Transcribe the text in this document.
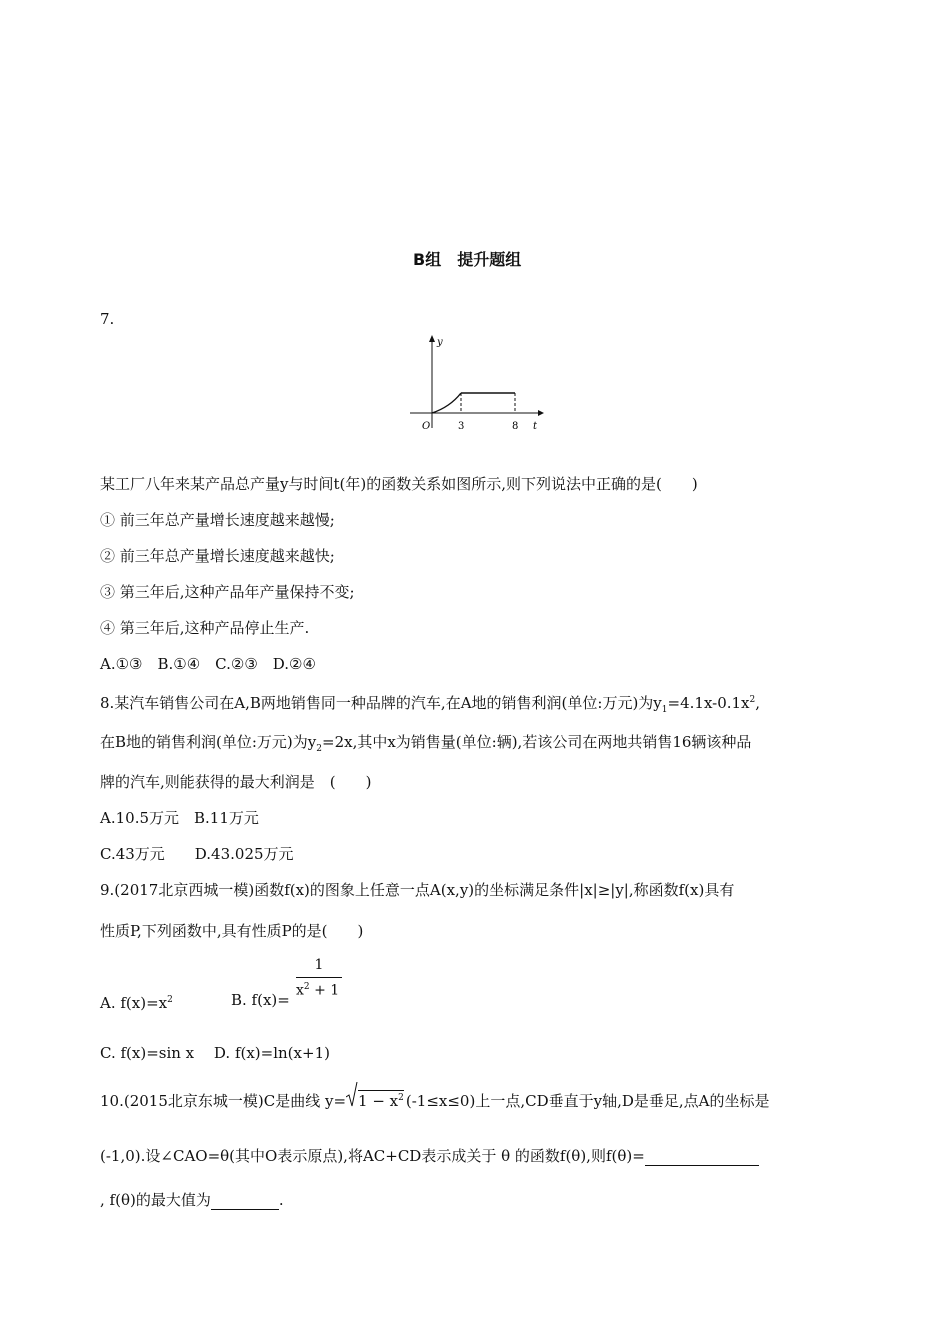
B组　提升题组
7.
y
t
O	3	8
某工厂八年来某产品总产量y与时间t(年)的函数关系如图所示,则下列说法中正确的是(　　)
① 前三年总产量增长速度越来越慢;
② 前三年总产量增长速度越来越快;
③ 第三年后,这种产品年产量保持不变;
④ 第三年后,这种产品停止生产.
A.①③　B.①④　C.②③　D.②④
8.某汽车销售公司在A,B两地销售同一种品牌的汽车,在A地的销售利润(单位:万元)为$y_1=4.1x-0.1x^2$,
在B地的销售利润(单位:万元)为$y_2=2x$,其中x为销售量(单位:辆),若该公司在两地共销售16辆该种品
牌的汽车,则能获得的最大利润是　(　　)
A.10.5万元　B.11万元
C.43万元　　D.43.025万元
9.(2017北京西城一模)函数f(x)的图象上任意一点A(x,y)的坐标满足条件|x|≥|y|,称函数f(x)具有
性质P,下列函数中,具有性质P的是(　　)
A. $f(x)=x^2$	B. f(x)=
1
$x^2 + 1$
C. f(x)=sin x　 D. f(x)=ln(x+1)
10.(2015北京东城一模)C是曲线 $y= 1 - x^2$ (-1≤x≤0)上一点,CD垂直于y轴,D是垂足,点A的坐标是
(-1,0).设∠CAO=θ(其中O表示原点),将AC+CD表示成关于 θ 的函数f(θ),则f(θ)=
, f(θ)的最大值为	.
